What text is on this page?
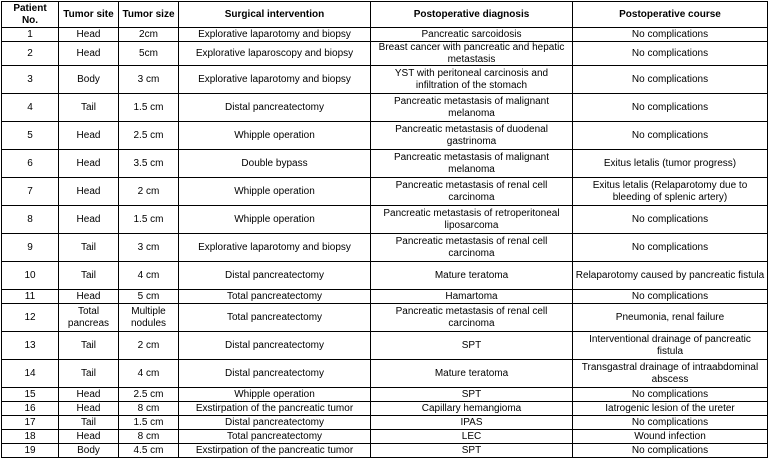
Patient No.	Tumor site	Tumor size	Surgical intervention	Postoperative diagnosis	Postoperative course
1	Head	2cm	Explorative laparotomy and biopsy	Pancreatic sarcoidosis	No complications
2	Head	5cm	Explorative laparoscopy and biopsy	Breast cancer with pancreatic and hepatic metastasis	No complications
3	Body	3 cm	Explorative laparotomy and biopsy	YST with peritoneal carcinosis and infiltration of the stomach	No complications
4	Tail	1.5 cm	Distal pancreatectomy	Pancreatic metastasis of malignant melanoma	No complications
5	Head	2.5 cm	Whipple operation	Pancreatic metastasis of duodenal gastrinoma	No complications
6	Head	3.5 cm	Double bypass	Pancreatic metastasis of malignant melanoma	Exitus letalis (tumor progress)
7	Head	2 cm	Whipple operation	Pancreatic metastasis of renal cell carcinoma	Exitus letalis (Relaparotomy due to bleeding of splenic artery)
8	Head	1.5 cm	Whipple operation	Pancreatic metastasis of retroperitoneal liposarcoma	No complications
9	Tail	3 cm	Explorative laparotomy and biopsy	Pancreatic metastasis of renal cell carcinoma	No complications
10	Tail	4 cm	Distal pancreatectomy	Mature teratoma	Relaparotomy caused by pancreatic fistula
11	Head	5 cm	Total pancreatectomy	Hamartoma	No complications
12	Total pancreas	Multiple nodules	Total pancreatectomy	Pancreatic metastasis of renal cell carcinoma	Pneumonia, renal failure
13	Tail	2 cm	Distal pancreatectomy	SPT	Interventional drainage of pancreatic fistula
14	Tail	4 cm	Distal pancreatectomy	Mature teratoma	Transgastral drainage of intraabdominal abscess
15	Head	2.5 cm	Whipple operation	SPT	No complications
16	Head	8 cm	Exstirpation of the pancreatic tumor	Capillary hemangioma	Iatrogenic lesion of the ureter
17	Tail	1.5 cm	Distal pancreatectomy	IPAS	No complications
18	Head	8 cm	Total pancreatectomy	LEC	Wound infection
19	Body	4.5 cm	Exstirpation of the pancreatic tumor	SPT	No complications
